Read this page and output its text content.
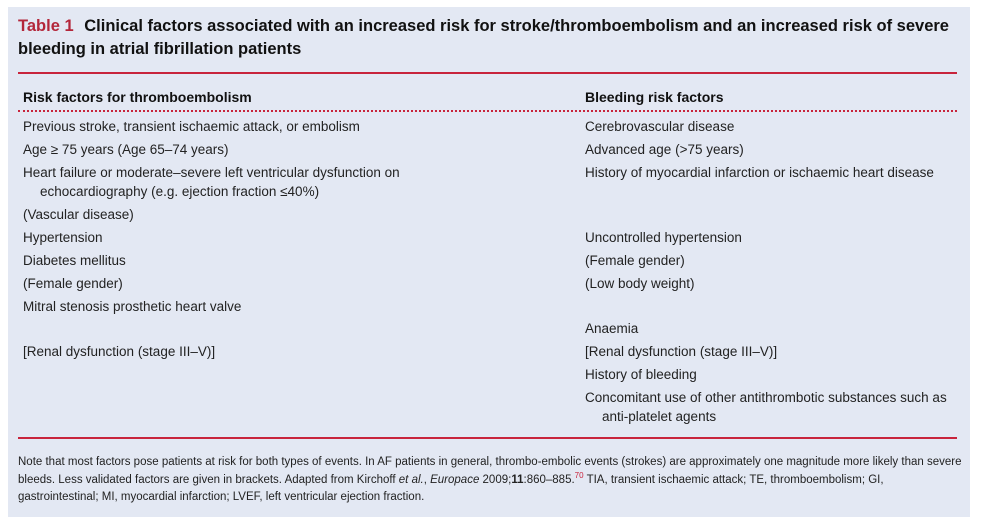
Table 1 Clinical factors associated with an increased risk for stroke/thromboembolism and an increased risk of severe bleeding in atrial fibrillation patients
Risk factors for thromboembolism	Bleeding risk factors
Previous stroke, transient ischaemic attack, or embolism
Age ≥ 75 years (Age 65–74 years)
Heart failure or moderate–severe left ventricular dysfunction on
echocardiography (e.g. ejection fraction ≤40%)
(Vascular disease)
Hypertension
Diabetes mellitus
(Female gender)
Mitral stenosis prosthetic heart valve
[Renal dysfunction (stage III–V)]
Cerebrovascular disease
Advanced age (>75 years)
History of myocardial infarction or ischaemic heart disease
Uncontrolled hypertension
(Female gender)
(Low body weight)
Anaemia
[Renal dysfunction (stage III–V)]
History of bleeding
Concomitant use of other antithrombotic substances such as
anti-platelet agents
Note that most factors pose patients at risk for both types of events. In AF patients in general, thrombo-embolic events (strokes) are approximately one magnitude more likely than severe bleeds. Less validated factors are given in brackets. Adapted from Kirchoff et al., Europace 2009;11:860–885.70 TIA, transient ischaemic attack; TE, thromboembolism; GI, gastrointestinal; MI, myocardial infarction; LVEF, left ventricular ejection fraction.
